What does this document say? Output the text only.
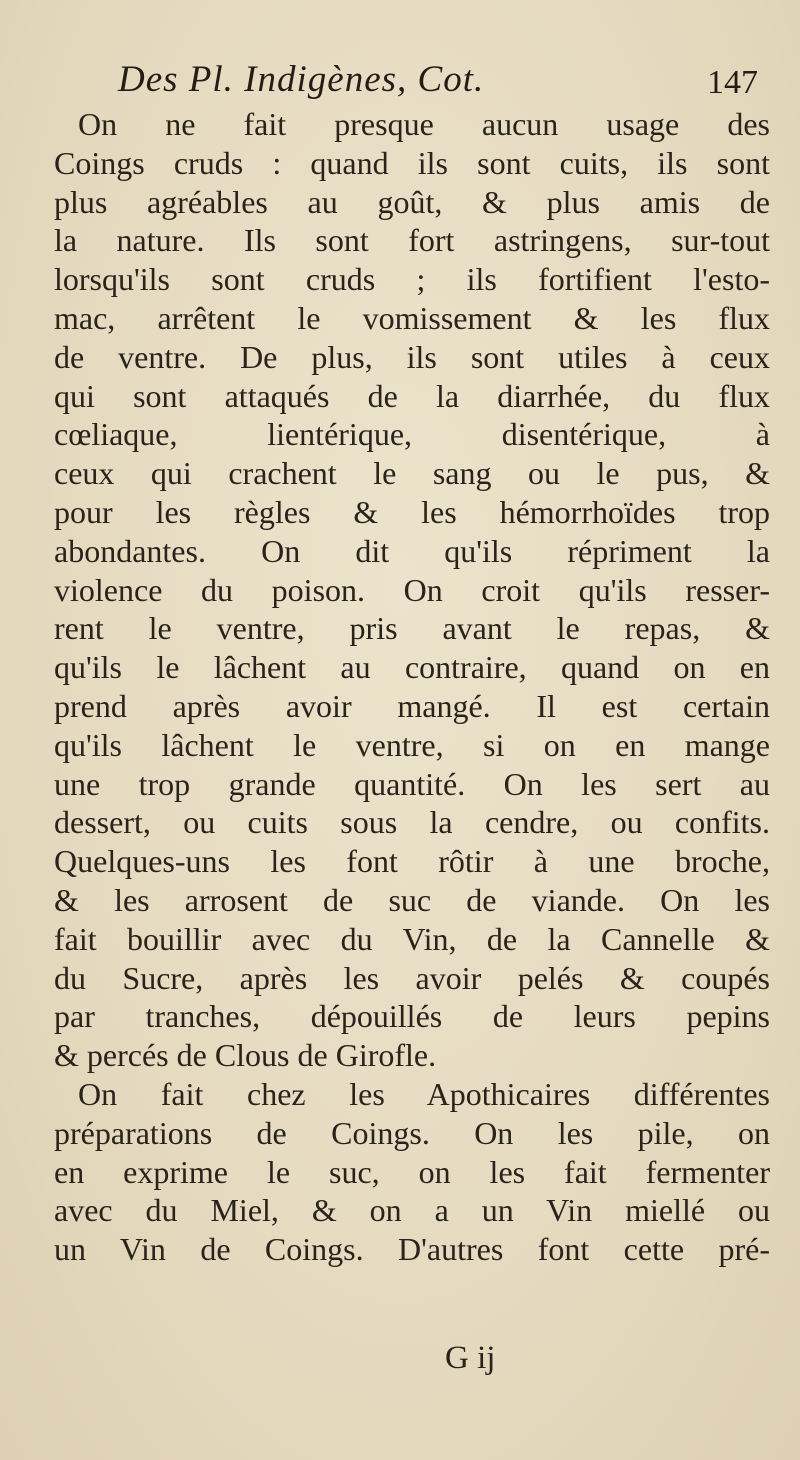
Des Pl. Indigènes, Cot.	147
On ne fait presque aucun usage des
Coings cruds : quand ils sont cuits, ils sont
plus agréables au goût, & plus amis de
la nature. Ils sont fort astringens, sur-tout
lorsqu'ils sont cruds ; ils fortifient l'esto-
mac, arrêtent le vomissement & les flux
de ventre. De plus, ils sont utiles à ceux
qui sont attaqués de la diarrhée, du flux
cœliaque, lientérique, disentérique, à
ceux qui crachent le sang ou le pus, &
pour les règles & les hémorrhoïdes trop
abondantes. On dit qu'ils répriment la
violence du poison. On croit qu'ils resser-
rent le ventre, pris avant le repas, &
qu'ils le lâchent au contraire, quand on en
prend après avoir mangé. Il est certain
qu'ils lâchent le ventre, si on en mange
une trop grande quantité. On les sert au
dessert, ou cuits sous la cendre, ou confits.
Quelques-uns les font rôtir à une broche,
& les arrosent de suc de viande. On les
fait bouillir avec du Vin, de la Cannelle &
du Sucre, après les avoir pelés & coupés
par tranches, dépouillés de leurs pepins
& percés de Clous de Girofle.
On fait chez les Apothicaires différentes
préparations de Coings. On les pile, on
en exprime le suc, on les fait fermenter
avec du Miel, & on a un Vin miellé ou
un Vin de Coings. D'autres font cette pré-
G ij
